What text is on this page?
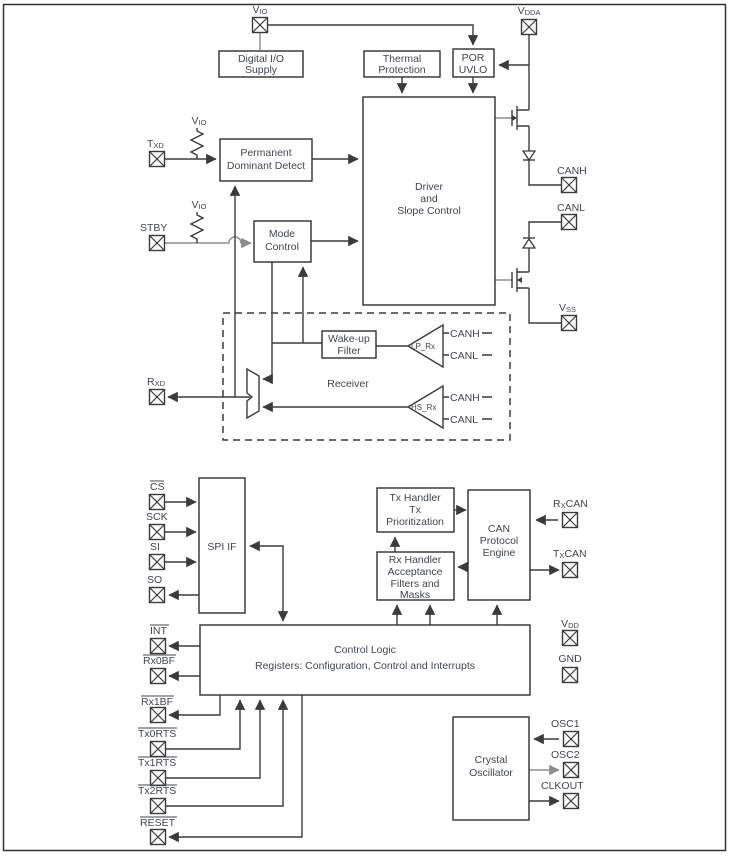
Digital I/O
Supply
Thermal
Protection
POR
UVLO
Permanent
Dominant Detect
Mode
Control
Driver
and
Slope Control
Receiver
Wake-up
Filter	LP_Rx
CANH
CANL
HS_Rx
CANH
CANL
VIO	VDDA
VIO
VIO
TXD
STBY
RXD
CANH
CANL
VSS
SPI IF
Tx Handler
Tx
Prioritization
Rx Handler
Acceptance
Filters and
Masks
CAN
Protocol
Engine
Control Logic
Registers: Configuration, Control and Interrupts
Crystal
Oscillator
CS
SCK
SI
SO
INT
Rx0BF
Rx1BF
Tx0RTS
Tx1RTS
Tx2RTS
RESET
RXCAN
TXCAN
VDD
GND
OSC1
OSC2
CLKOUT
